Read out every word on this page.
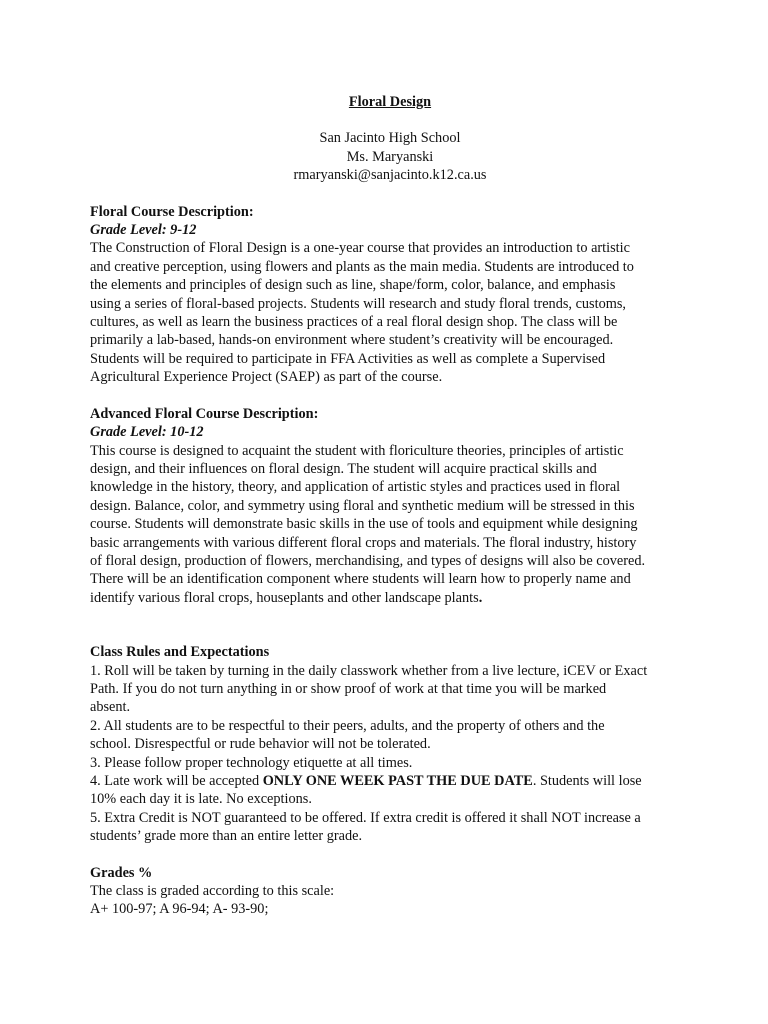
Floral Design
San Jacinto High School
Ms. Maryanski
rmaryanski@sanjacinto.k12.ca.us
Floral Course Description:
Grade Level: 9-12
The Construction of Floral Design is a one-year course that provides an introduction to artistic
and creative perception, using flowers and plants as the main media. Students are introduced to
the elements and principles of design such as line, shape/form, color, balance, and emphasis
using a series of floral-based projects. Students will research and study floral trends, customs,
cultures, as well as learn the business practices of a real floral design shop. The class will be
primarily a lab-based, hands-on environment where student’s creativity will be encouraged.
Students will be required to participate in FFA Activities as well as complete a Supervised
Agricultural Experience Project (SAEP) as part of the course.
Advanced Floral Course Description:
Grade Level: 10-12
This course is designed to acquaint the student with floriculture theories, principles of artistic
design, and their influences on floral design. The student will acquire practical skills and
knowledge in the history, theory, and application of artistic styles and practices used in floral
design. Balance, color, and symmetry using floral and synthetic medium will be stressed in this
course. Students will demonstrate basic skills in the use of tools and equipment while designing
basic arrangements with various different floral crops and materials. The floral industry, history
of floral design, production of flowers, merchandising, and types of designs will also be covered.
There will be an identification component where students will learn how to properly name and
identify various floral crops, houseplants and other landscape plants.
Class Rules and Expectations
1. Roll will be taken by turning in the daily classwork whether from a live lecture, iCEV or Exact
Path. If you do not turn anything in or show proof of work at that time you will be marked
absent.
2. All students are to be respectful to their peers, adults, and the property of others and the
school. Disrespectful or rude behavior will not be tolerated.
3. Please follow proper technology etiquette at all times.
4. Late work will be accepted ONLY ONE WEEK PAST THE DUE DATE. Students will lose
10% each day it is late. No exceptions.
5. Extra Credit is NOT guaranteed to be offered. If extra credit is offered it shall NOT increase a
students’ grade more than an entire letter grade.
Grades %
The class is graded according to this scale:
A+ 100-97; A 96-94; A- 93-90;
